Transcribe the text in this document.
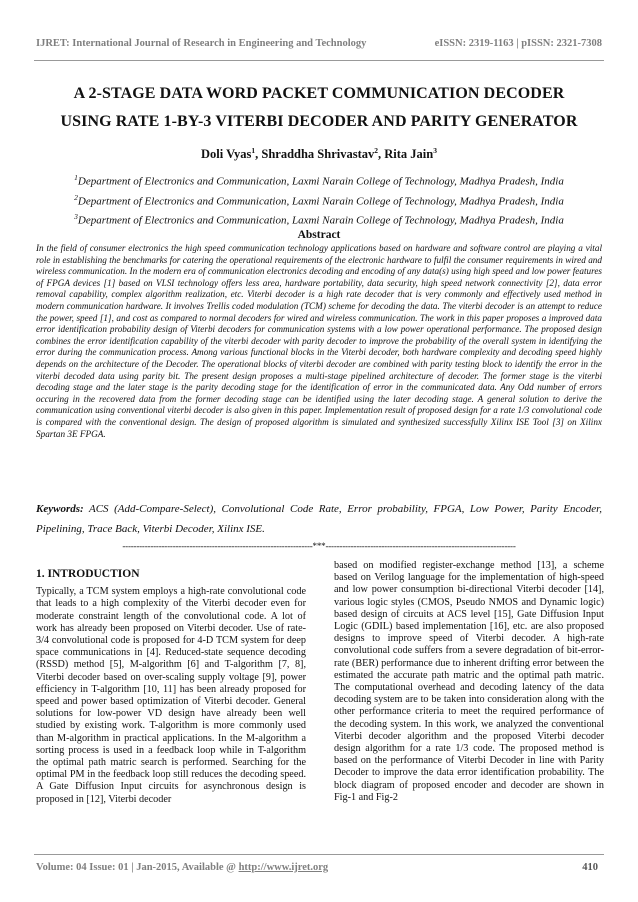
IJRET: International Journal of Research in Engineering and Technology	eISSN: 2319-1163 | pISSN: 2321-7308
A 2-STAGE DATA WORD PACKET COMMUNICATION DECODER
USING RATE 1-BY-3 VITERBI DECODER AND PARITY GENERATOR
Doli Vyas$^1$, Shraddha Shrivastav$^2$, Rita Jain$^3$
$^1$Department of Electronics and Communication, Laxmi Narain College of Technology, Madhya Pradesh, India
$^2$Department of Electronics and Communication, Laxmi Narain College of Technology, Madhya Pradesh, India
$^3$Department of Electronics and Communication, Laxmi Narain College of Technology, Madhya Pradesh, India
Abstract
In the field of consumer electronics the high speed communication technology applications based on hardware and software control are playing a vital role in establishing the benchmarks for catering the operational requirements of the electronic hardware to fulfil the consumer requirements in wired and wireless communication. In the modern era of communication electronics decoding and encoding of any data(s) using high speed and low power features of FPGA devices [1] based on VLSI technology offers less area, hardware portability, data security, high speed network connectivity [2], data error removal capability, complex algorithm realization, etc. Viterbi decoder is a high rate decoder that is very commonly and effectively used method in modern communication hardware. It involves Trellis coded modulation (TCM) scheme for decoding the data. The viterbi decoder is an attempt to reduce the power, speed [1], and cost as compared to normal decoders for wired and wireless communication. The work in this paper proposes a improved data error identification probability design of Viterbi decoders for communication systems with a low power operational performance. The proposed design combines the error identification capability of the viterbi decoder with parity decoder to improve the probability of the overall system in identifying the error during the communication process. Among various functional blocks in the Viterbi decoder, both hardware complexity and decoding speed highly depends on the architecture of the Decoder. The operational blocks of viterbi decoder are combined with parity testing block to identify the error in the viterbi decoded data using parity bit. The present design proposes a multi-stage pipelined architecture of decoder. The former stage is the viterbi decoding stage and the later stage is the parity decoding stage for the identification of error in the communicated data. Any Odd number of errors occuring in the recovered data from the former decoding stage can be identified using the later decoding stage. A general solution to derive the communication using conventional viterbi decoder is also given in this paper. Implementation result of proposed design for a rate 1/3 convolutional code is compared with the conventional design. The design of proposed algorithm is simulated and synthesized successfully Xilinx ISE Tool [3] on Xilinx Spartan 3E FPGA.
Keywords: ACS (Add-Compare-Select), Convolutional Code Rate, Error probability, FPGA, Low Power, Parity Encoder, Pipelining, Trace Back, Viterbi Decoder, Xilinx ISE.
--------------------------------------------------------------------***--------------------------------------------------------------------
1. INTRODUCTION

Typically, a TCM system employs a high-rate convolutional code that leads to a high complexity of the Viterbi decoder even for moderate constraint length of the convolutional code. A lot of work has already been proposed on Viterbi decoder. Use of rate-3/4 convolutional code is proposed for 4-D TCM system for deep space communications in [4]. Reduced-state sequence decoding (RSSD) method [5], M-algorithm [6] and T-algorithm [7, 8], Viterbi decoder based on over-scaling supply voltage [9], power efficiency in T-algorithm [10, 11] has been already proposed for speed and power based optimization of Viterbi decoder. General solutions for low-power VD design have already been well studied by existing work. T-algorithm is more commonly used than M-algorithm in practical applications. In the M-algorithm a sorting process is used in a feedback loop while in T-algorithm the optimal path matric search is performed. Searching for the optimal PM in the feedback loop still reduces the decoding speed. A Gate Diffusion Input circuits for asynchronous design is proposed in [12], Viterbi decoder

based on modified register-exchange method [13], a scheme based on Verilog language for the implementation of high-speed and low power consumption bi-directional Viterbi decoder [14], various logic styles (CMOS, Pseudo NMOS and Dynamic logic) based design of circuits at ACS level [15], Gate Diffusion Input Logic (GDIL) based implementation [16], etc. are also proposed designs to improve speed of Viterbi decoder. A high-rate convolutional code suffers from a severe degradation of bit-error-rate (BER) performance due to inherent drifting error between the estimated the accurate path matric and the optimal path matric. The computational overhead and decoding latency of the data decoding system are to be taken into consideration along with the other performance criteria to meet the required performance of the decoding system. In this work, we analyzed the conventional Viterbi decoder algorithm and the proposed Viterbi decoder design algorithm for a rate 1/3 code. The proposed method is based on the performance of Viterbi Decoder in line with Parity Decoder to improve the data error identification probability. The block diagram of proposed encoder and decoder are shown in Fig-1 and Fig-2

Volume: 04 Issue: 01 | Jan-2015, Available @ http://www.ijret.org	410
